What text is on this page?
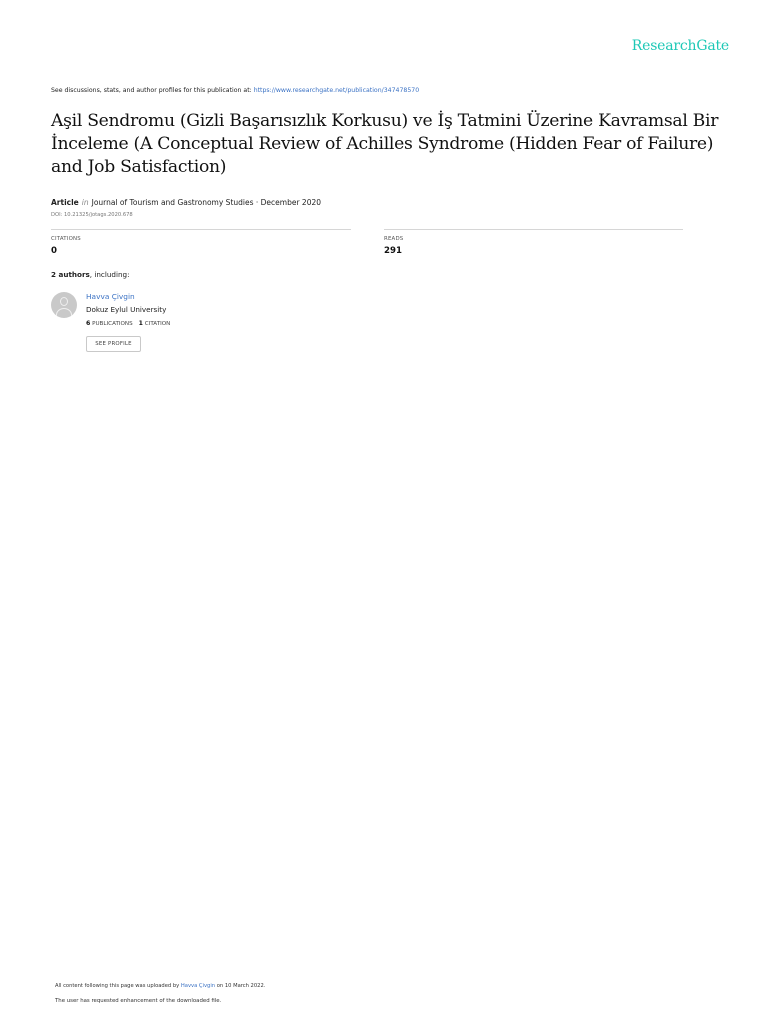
ResearchGate
See discussions, stats, and author profiles for this publication at: https://www.researchgate.net/publication/347478570
Aşil Sendromu (Gizli Başarısızlık Korkusu) ve İş Tatmini Üzerine Kavramsal Bir İnceleme (A Conceptual Review of Achilles Syndrome (Hidden Fear of Failure) and Job Satisfaction)
Article in Journal of Tourism and Gastronomy Studies · December 2020
DOI: 10.21325/jotags.2020.678
CITATIONS
0
READS
291
2 authors, including:
Havva Çivgin
Dokuz Eylul University
6 PUBLICATIONS 1 CITATION
SEE PROFILE
All content following this page was uploaded by Havva Çivgin on 10 March 2022.
The user has requested enhancement of the downloaded file.
